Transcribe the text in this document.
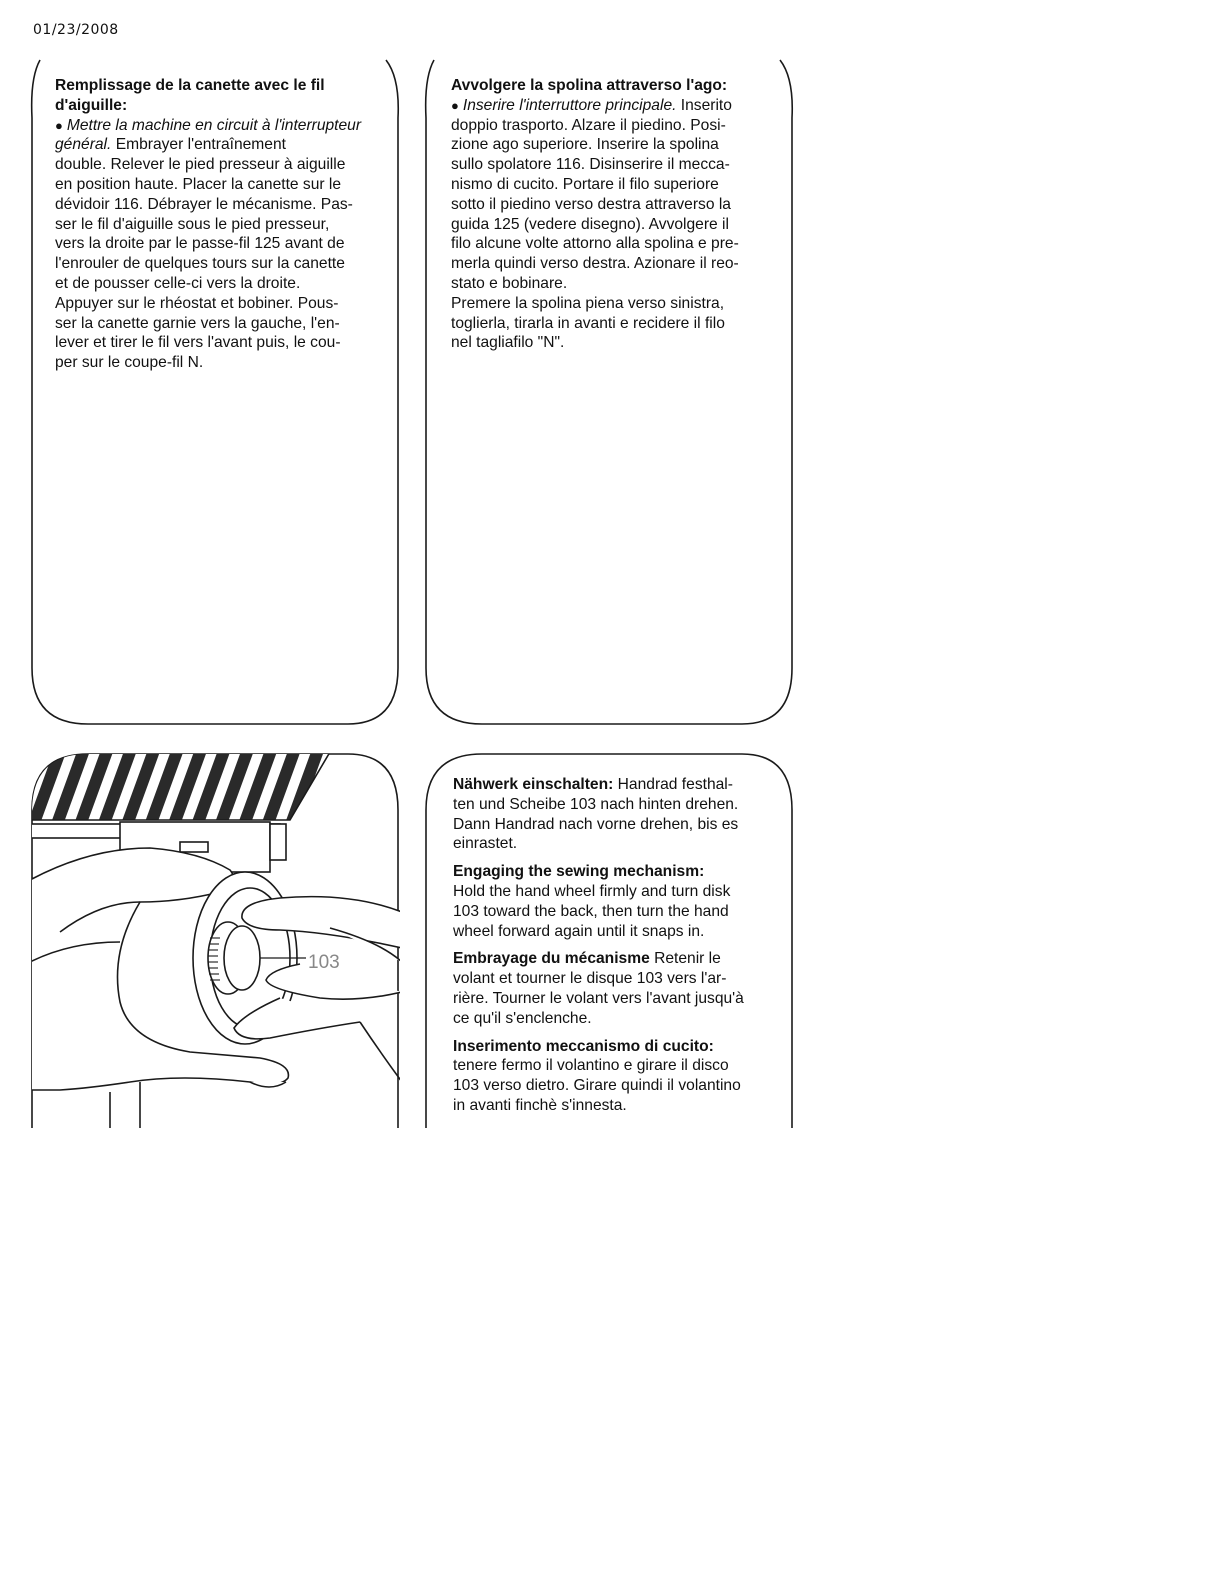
01/23/2008

Remplissage de la canette avec le fil d'aiguille:

● Mettre la machine en circuit à l'interrupteur général. Embrayer l'entraînement

double. Relever le pied presseur à aiguille

en position haute. Placer la canette sur le

dévidoir 116. Débrayer le mécanisme. Pas-

ser le fil d'aiguille sous le pied presseur,

vers la droite par le passe-fil 125 avant de

l'enrouler de quelques tours sur la canette

et de pousser celle-ci vers la droite.

Appuyer sur le rhéostat et bobiner. Pous-

ser la canette garnie vers la gauche, l'en-

lever et tirer le fil vers l'avant puis, le cou-

per sur le coupe-fil N.

Avvolgere la spolina attraverso l'ago:

● Inserire l'interruttore principale. Inserito

doppio trasporto. Alzare il piedino. Posi-

zione ago superiore. Inserire la spolina

sullo spolatore 116. Disinserire il mecca-

nismo di cucito. Portare il filo superiore

sotto il piedino verso destra attraverso la

guida 125 (vedere disegno). Avvolgere il

filo alcune volte attorno alla spolina e pre-

merla quindi verso destra. Azionare il reo-

stato e bobinare.

Premere la spolina piena verso sinistra,

toglierla, tirarla in avanti e recidere il filo

nel tagliafilo "N".

103

Nähwerk einschalten: Handrad festhal-

ten und Scheibe 103 nach hinten drehen.

Dann Handrad nach vorne drehen, bis es

einrastet.

Engaging the sewing mechanism:

Hold the hand wheel firmly and turn disk

103 toward the back, then turn the hand

wheel forward again until it snaps in.

Embrayage du mécanisme Retenir le

volant et tourner le disque 103 vers l'ar-

rière. Tourner le volant vers l'avant jusqu'à

ce qu'il s'enclenche.

Inserimento meccanismo di cucito:

tenere fermo il volantino e girare il disco

103 verso dietro. Girare quindi il volantino

in avanti finchè s'innesta.
